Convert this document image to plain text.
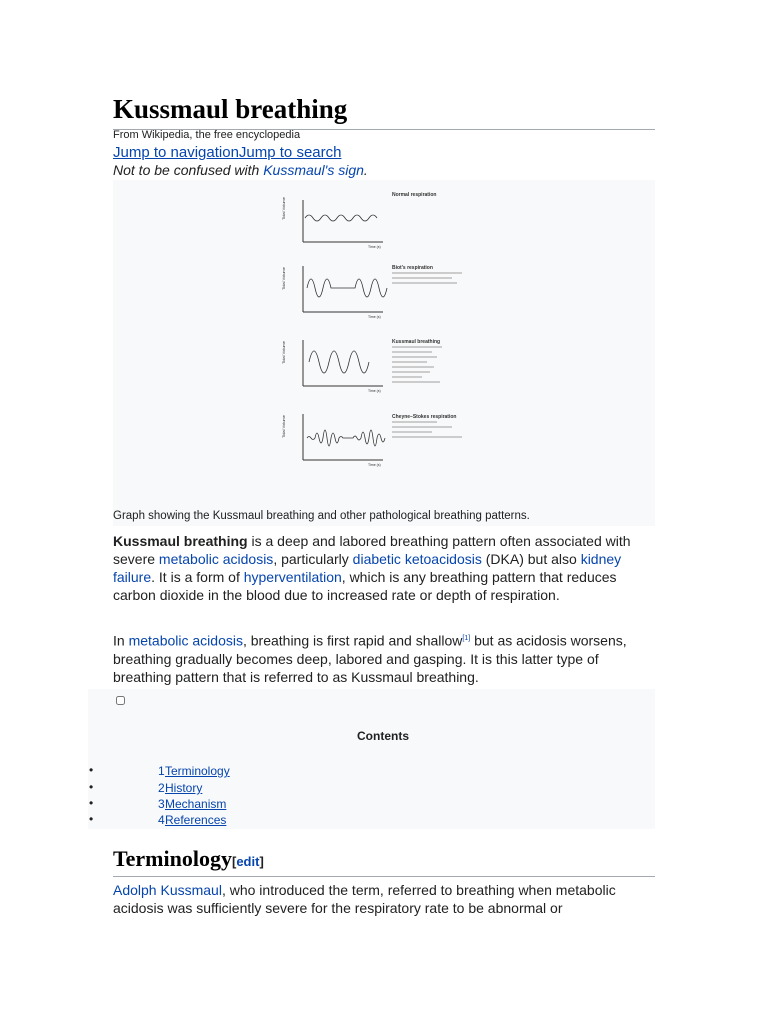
Kussmaul breathing
From Wikipedia, the free encyclopedia
Jump to navigationJump to search
Not to be confused with Kussmaul's sign.
Tidal Volume
Time (s)
Normal respiration
Tidal Volume
Time (s)
Biot's respiration
Tidal Volume
Time (s)
Kussmaul breathing
Tidal Volume
Time (s)
Cheyne–Stokes respiration
Graph showing the Kussmaul breathing and other pathological breathing patterns.

Kussmaul breathing is a deep and labored breathing pattern often associated with severe metabolic acidosis, particularly diabetic ketoacidosis (DKA) but also kidney failure. It is a form of hyperventilation, which is any breathing pattern that reduces carbon dioxide in the blood due to increased rate or depth of respiration.

In metabolic acidosis, breathing is first rapid and shallow[1] but as acidosis worsens, breathing gradually becomes deep, labored and gasping. It is this latter type of breathing pattern that is referred to as Kussmaul breathing.

Contents
•	1 Terminology
•	2 History
•	3 Mechanism
•	4 References
Terminology[edit]

Adolph Kussmaul, who introduced the term, referred to breathing when metabolic acidosis was sufficiently severe for the respiratory rate to be abnormal or
